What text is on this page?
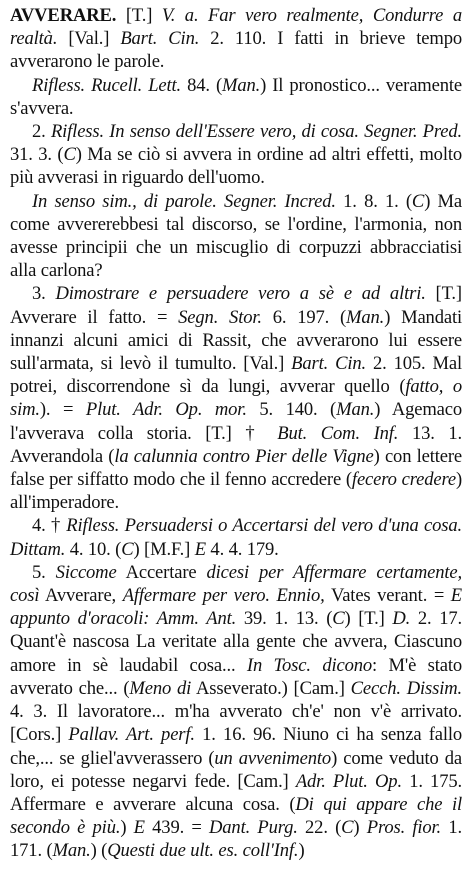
AVVERARE. [T.] V. a. Far vero realmente, Condurre a realtà. [Val.] Bart. Cin. 2. 110. I fatti in brieve tempo avverarono le parole.

Rifless. Rucell. Lett. 84. (Man.) Il pronostico... veramente s'avvera.

2. Rifless. In senso dell'Essere vero, di cosa. Segner. Pred. 31. 3. (C) Ma se ciò si avvera in ordine ad altri effetti, molto più avverasi in riguardo dell'uomo.

In senso sim., di parole. Segner. Incred. 1. 8. 1. (C) Ma come avvererebbesi tal discorso, se l'ordine, l'armonia, non avesse principii che un miscuglio di corpuzzi abbracciatisi alla carlona?

3. Dimostrare e persuadere vero a sè e ad altri. [T.] Avverare il fatto. = Segn. Stor. 6. 197. (Man.) Mandati innanzi alcuni amici di Rassit, che avverarono lui essere sull'armata, si levò il tumulto. [Val.] Bart. Cin. 2. 105. Mal potrei, discorrendone sì da lungi, avverar quello (fatto, o sim.). = Plut. Adr. Op. mor. 5. 140. (Man.) Agemaco l'avverava colla storia. [T.] † But. Com. Inf. 13. 1. Avverandola (la calunnia contro Pier delle Vigne) con lettere false per siffatto modo che il fenno accredere (fecero credere) all'imperadore.

4. † Rifless. Persuadersi o Accertarsi del vero d'una cosa. Dittam. 4. 10. (C) [M.F.] E 4. 4. 179.

5. Siccome Accertare dicesi per Affermare certamente, così Avverare, Affermare per vero. Ennio, Vates verant. = E appunto d'oracoli: Amm. Ant. 39. 1. 13. (C) [T.] D. 2. 17. Quant'è nascosa La veritate alla gente che avvera, Ciascuno amore in sè laudabil cosa... In Tosc. dicono: M'è stato avverato che... (Meno di Asseverato.) [Cam.] Cecch. Dissim. 4. 3. Il lavoratore... m'ha avverato ch'e' non v'è arrivato. [Cors.] Pallav. Art. perf. 1. 16. 96. Niuno ci ha senza fallo che,... se gliel'avverassero (un avvenimento) come veduto da loro, ei potesse negarvi fede. [Cam.] Adr. Plut. Op. 1. 175. Affermare e avverare alcuna cosa. (Di qui appare che il secondo è più.) E 439. = Dant. Purg. 22. (C) Pros. fior. 1. 171. (Man.) (Questi due ult. es. coll'Inf.)
